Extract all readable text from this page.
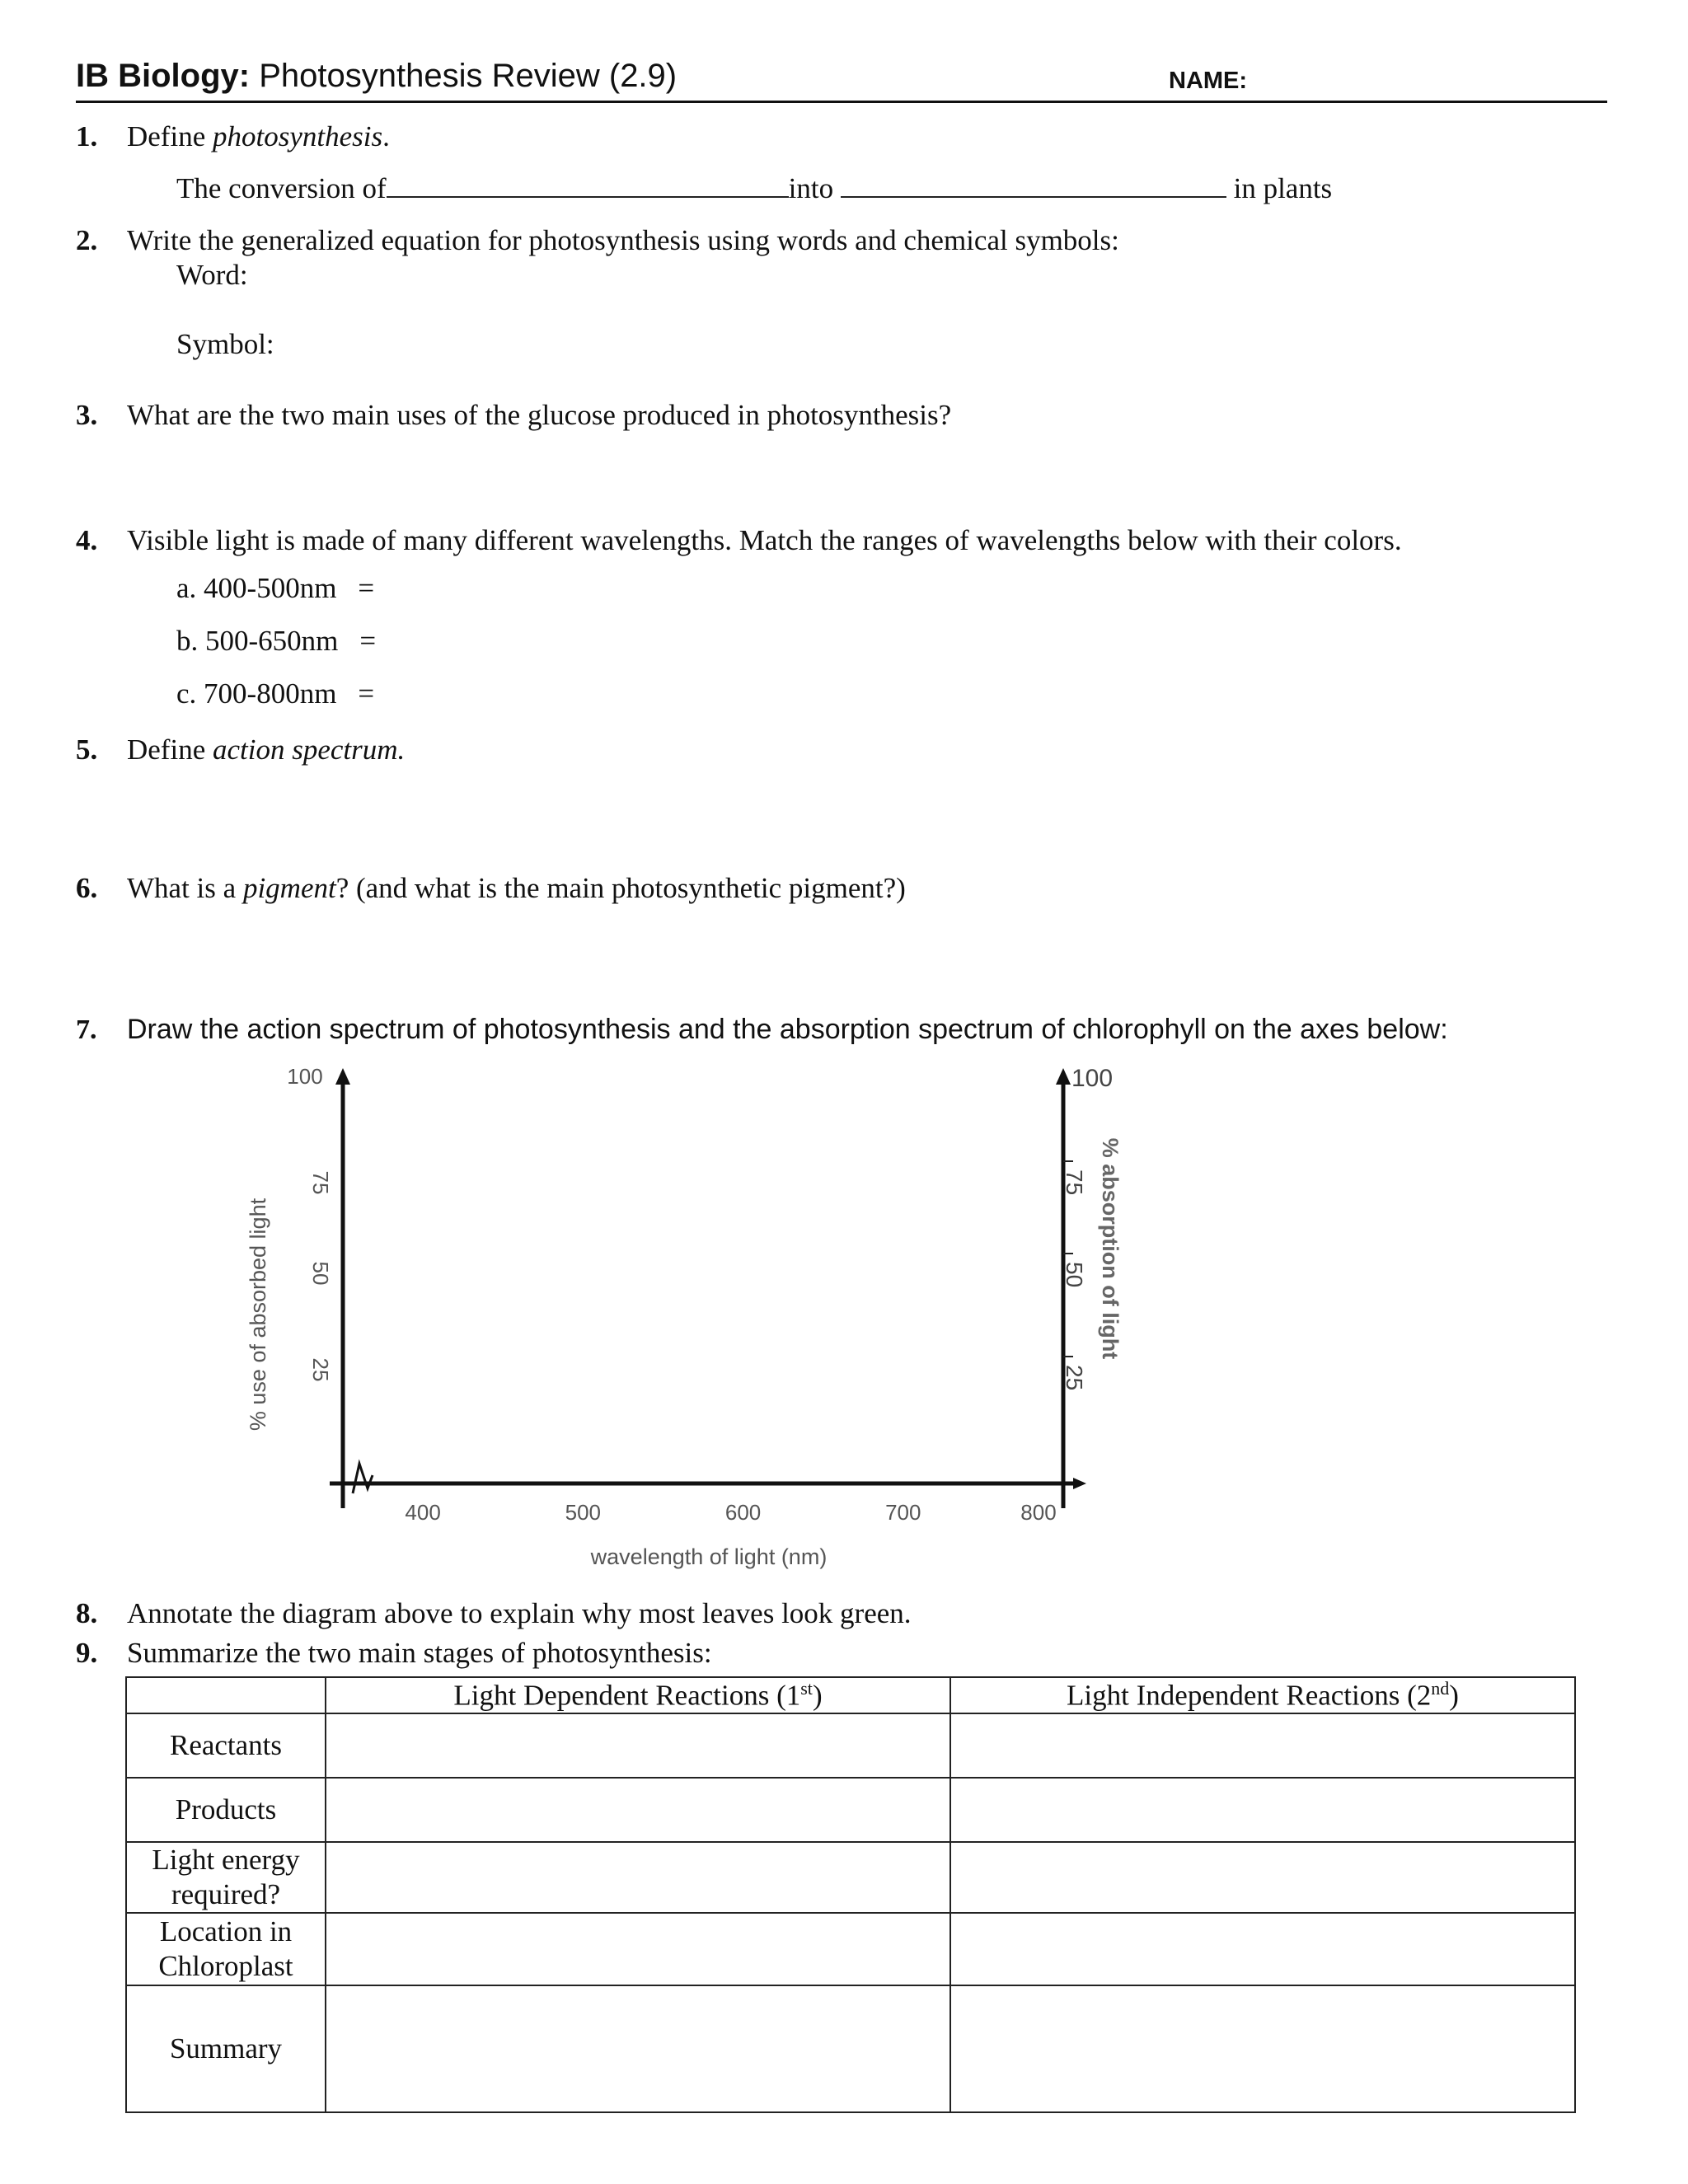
IB Biology: Photosynthesis Review (2.9)	NAME:
1. Define photosynthesis.
The conversion of	into	in plants
2. Write the generalized equation for photosynthesis using words and chemical symbols:
Word:
Symbol:
3. What are the two main uses of the glucose produced in photosynthesis?
4. Visible light is made of many different wavelengths. Match the ranges of wavelengths below with their colors.
a. 400-500nm =
b. 500-650nm =
c. 700-800nm =
5. Define action spectrum.
6. What is a pigment? (and what is the main photosynthetic pigment?)
7. Draw the action spectrum of photosynthesis and the absorption spectrum of chlorophyll on the axes below:
100
75
50
25
100
75
50
25
400	500	600	700	800
wavelength of light (nm)
% use of absorbed light	% absorption of light
8. Annotate the diagram above to explain why most leaves look green.
9. Summarize the two main stages of photosynthesis:
	Light Dependent Reactions (1st)	Light Independent Reactions (2nd)
Reactants		
Products		
Light energy required?		
Location in Chloroplast		
Summary		
